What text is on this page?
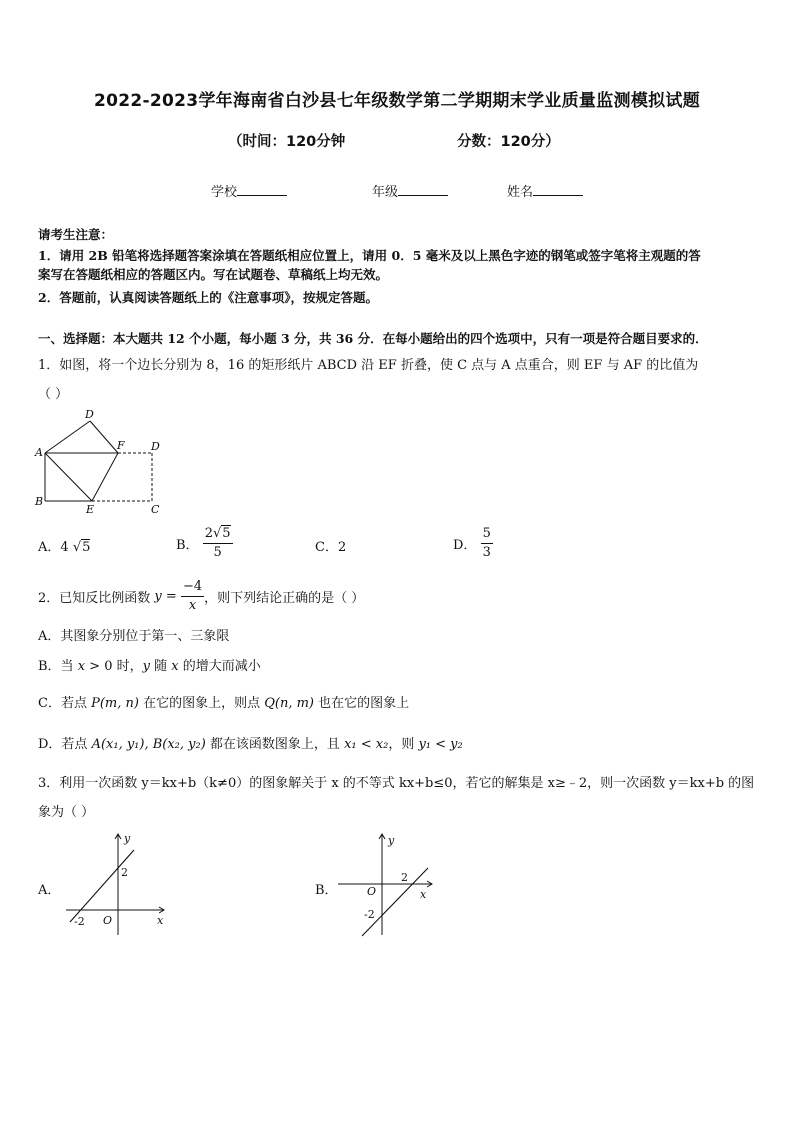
2022-2023学年海南省白沙县七年级数学第二学期期末学业质量监测模拟试题
（时间：120分钟	分数：120分）
学校	年级	姓名
请考生注意：
1．请用 2B 铅笔将选择题答案涂填在答题纸相应位置上，请用 0．5 毫米及以上黑色字迹的钢笔或签字笔将主观题的答
案写在答题纸相应的答题区内。写在试题卷、草稿纸上均无效。
2．答题前，认真阅读答题纸上的《注意事项》，按规定答题。
一、选择题：本大题共 12 个小题，每小题 3 分，共 36 分．在每小题给出的四个选项中，只有一项是符合题目要求的．
1．如图，将一个边长分别为 8，16 的矩形纸片 ABCD 沿 EF 折叠，使 C 点与 A 点重合，则 EF 与 AF 的比值为
（ ）
A
B
C
D
D
E
F
A．4 √5	B． $\frac{2√5}{5}$	C．2	D． $\frac{5}{3}$
2．已知反比例函数 $y = \frac{-4}{x}$ ，则下列结论正确的是（ ）
A．其图象分别位于第一、三象限
B．当 x > 0 时，y 随 x 的增大而减小
C．若点 P(m, n) 在它的图象上，则点 Q(n, m) 也在它的图象上
D．若点 A(x₁, y₁), B(x₂, y₂) 都在该函数图象上，且 x₁ < x₂，则 y₁ < y₂
3．利用一次函数 y＝kx+b（k≠0）的图象解关于 x 的不等式 kx+b≤0，若它的解集是 x≥﹣2，则一次函数 y＝kx+b 的图
象为（ ）
A．
y
x
O
2
-2
B．
y
x
O
2
-2
